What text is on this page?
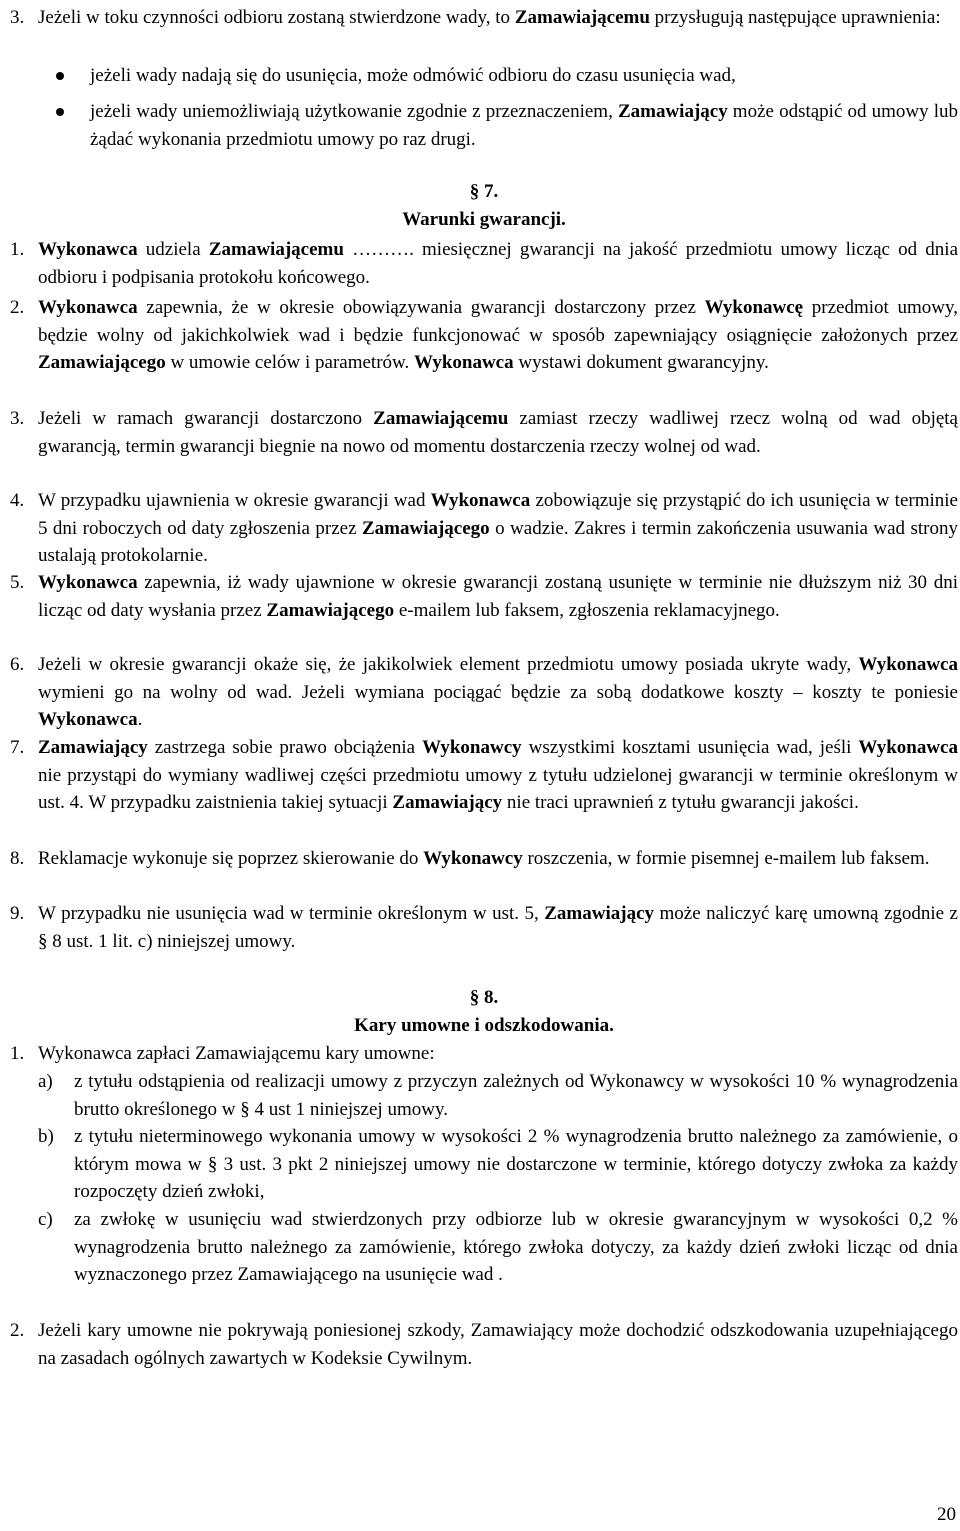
3. Jeżeli w toku czynności odbioru zostaną stwierdzone wady, to Zamawiającemu przysługują następujące uprawnienia:
jeżeli wady nadają się do usunięcia, może odmówić odbioru do czasu usunięcia wad,
jeżeli wady uniemożliwiają użytkowanie zgodnie z przeznaczeniem, Zamawiający może odstąpić od umowy lub żądać wykonania przedmiotu umowy po raz drugi.
§ 7.
Warunki gwarancji.
1. Wykonawca udziela Zamawiającemu ………. miesięcznej gwarancji na jakość przedmiotu umowy licząc od dnia odbioru i podpisania protokołu końcowego.
2. Wykonawca zapewnia, że w okresie obowiązywania gwarancji dostarczony przez Wykonawcę przedmiot umowy, będzie wolny od jakichkolwiek wad i będzie funkcjonować w sposób zapewniający osiągnięcie założonych przez Zamawiającego w umowie celów i parametrów. Wykonawca wystawi dokument gwarancyjny.
3. Jeżeli w ramach gwarancji dostarczono Zamawiającemu zamiast rzeczy wadliwej rzecz wolną od wad objętą gwarancją, termin gwarancji biegnie na nowo od momentu dostarczenia rzeczy wolnej od wad.
4. W przypadku ujawnienia w okresie gwarancji wad Wykonawca zobowiązuje się przystąpić do ich usunięcia w terminie 5 dni roboczych od daty zgłoszenia przez Zamawiającego o wadzie. Zakres i termin zakończenia usuwania wad strony ustalają protokolarnie.
5. Wykonawca zapewnia, iż wady ujawnione w okresie gwarancji zostaną usunięte w terminie nie dłuższym niż 30 dni licząc od daty wysłania przez Zamawiającego e-mailem lub faksem, zgłoszenia reklamacyjnego.
6. Jeżeli w okresie gwarancji okaże się, że jakikolwiek element przedmiotu umowy posiada ukryte wady, Wykonawca wymieni go na wolny od wad. Jeżeli wymiana pociągać będzie za sobą dodatkowe koszty – koszty te poniesie Wykonawca.
7. Zamawiający zastrzega sobie prawo obciążenia Wykonawcy wszystkimi kosztami usunięcia wad, jeśli Wykonawca nie przystąpi do wymiany wadliwej części przedmiotu umowy z tytułu udzielonej gwarancji w terminie określonym w ust. 4. W przypadku zaistnienia takiej sytuacji Zamawiający nie traci uprawnień z tytułu gwarancji jakości.
8. Reklamacje wykonuje się poprzez skierowanie do Wykonawcy roszczenia, w formie pisemnej e-mailem lub faksem.
9. W przypadku nie usunięcia wad w terminie określonym w ust. 5, Zamawiający może naliczyć karę umowną zgodnie z § 8 ust. 1 lit. c) niniejszej umowy.
§ 8.
Kary umowne i odszkodowania.
1. Wykonawca zapłaci Zamawiającemu kary umowne:
a) z tytułu odstąpienia od realizacji umowy z przyczyn zależnych od Wykonawcy w wysokości 10 % wynagrodzenia brutto określonego w § 4 ust 1 niniejszej umowy.
b) z tytułu nieterminowego wykonania umowy w wysokości 2 % wynagrodzenia brutto należnego za zamówienie, o którym mowa w § 3 ust. 3 pkt 2 niniejszej umowy nie dostarczone w terminie, którego dotyczy zwłoka za każdy rozpoczęty dzień zwłoki,
c) za zwłokę w usunięciu wad stwierdzonych przy odbiorze lub w okresie gwarancyjnym w wysokości 0,2 % wynagrodzenia brutto należnego za zamówienie, którego zwłoka dotyczy, za każdy dzień zwłoki licząc od dnia wyznaczonego przez Zamawiającego na usunięcie wad .
2. Jeżeli kary umowne nie pokrywają poniesionej szkody, Zamawiający może dochodzić odszkodowania uzupełniającego na zasadach ogólnych zawartych w Kodeksie Cywilnym.
20
